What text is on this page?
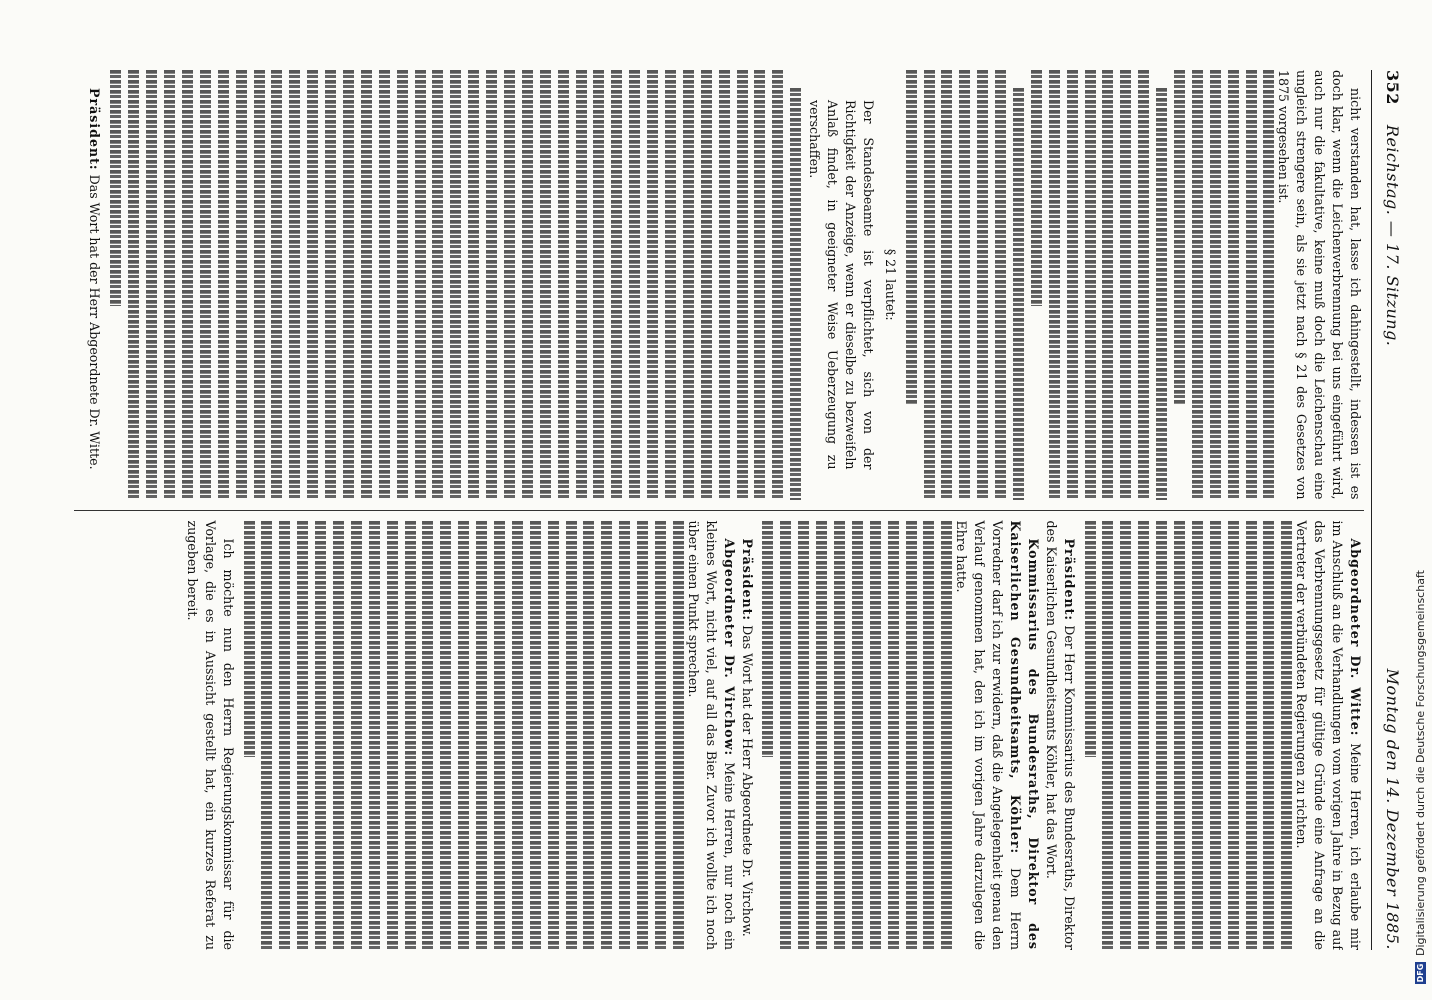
352
Reichstag. — 17. Sitzung.
Montag den 14. Dezember 1885.

nicht verstanden hat, lasse ich dahingestellt, indessen ist es doch klar, wenn die Leichenverbrennung bei uns eingeführt wird, auch nur die fakultative, keine muß doch die Leichenschau eine ungleich strengere sein, als sie jetzt nach § 21 des Gesetzes von 1875 vorgesehen ist.

§ 21 lautet:

Der Standesbeamte ist verpflichtet, sich von der Richtigkeit der Anzeige, wenn er dieselbe zu bezweifeln Anlaß findet, in geeigneter Weise Ueberzeugung zu verschaffen.

Präsident: Das Wort hat der Herr Abgeordnete Dr. Witte.

Abgeordneter Dr. Witte: Meine Herren, ich erlaube mir im Anschluß an die Verhandlungen vom vorigen Jahre in Bezug auf das Verbrennungsgesetz für gültige Gründe eine Anfrage an die Vertreter der verbündeten Regierungen zu richten.

Präsident: Der Herr Kommissarius des Bundesraths, Direktor des Kaiserlichen Gesundheitsamts Köhler, hat das Wort.

Kommissarius des Bundesraths, Direktor des Kaiserlichen Gesundheitsamts, Köhler: Dem Herrn Vorredner darf ich zur erwidern, daß die Angelegenheit genau den Verlauf genommen hat, den ich im vorigen Jahre darzulegen die Ehre hatte.

Präsident: Das Wort hat der Herr Abgeordnete Dr. Virchow.

Abgeordneter Dr. Virchow: Meine Herren, nur noch ein kleines Wort, nicht viel, auf all das Bier. Zuvor ich wollte ich noch über einen Punkt sprechen.

Ich möchte nun den Herrn Regierungskommissar für die Vorlage, die es in Aussicht gestellt hat, ein kurzes Referat zu zugeben bereit.

DFG
Digitalisierung gefördert durch die Deutsche Forschungsgemeinschaft
